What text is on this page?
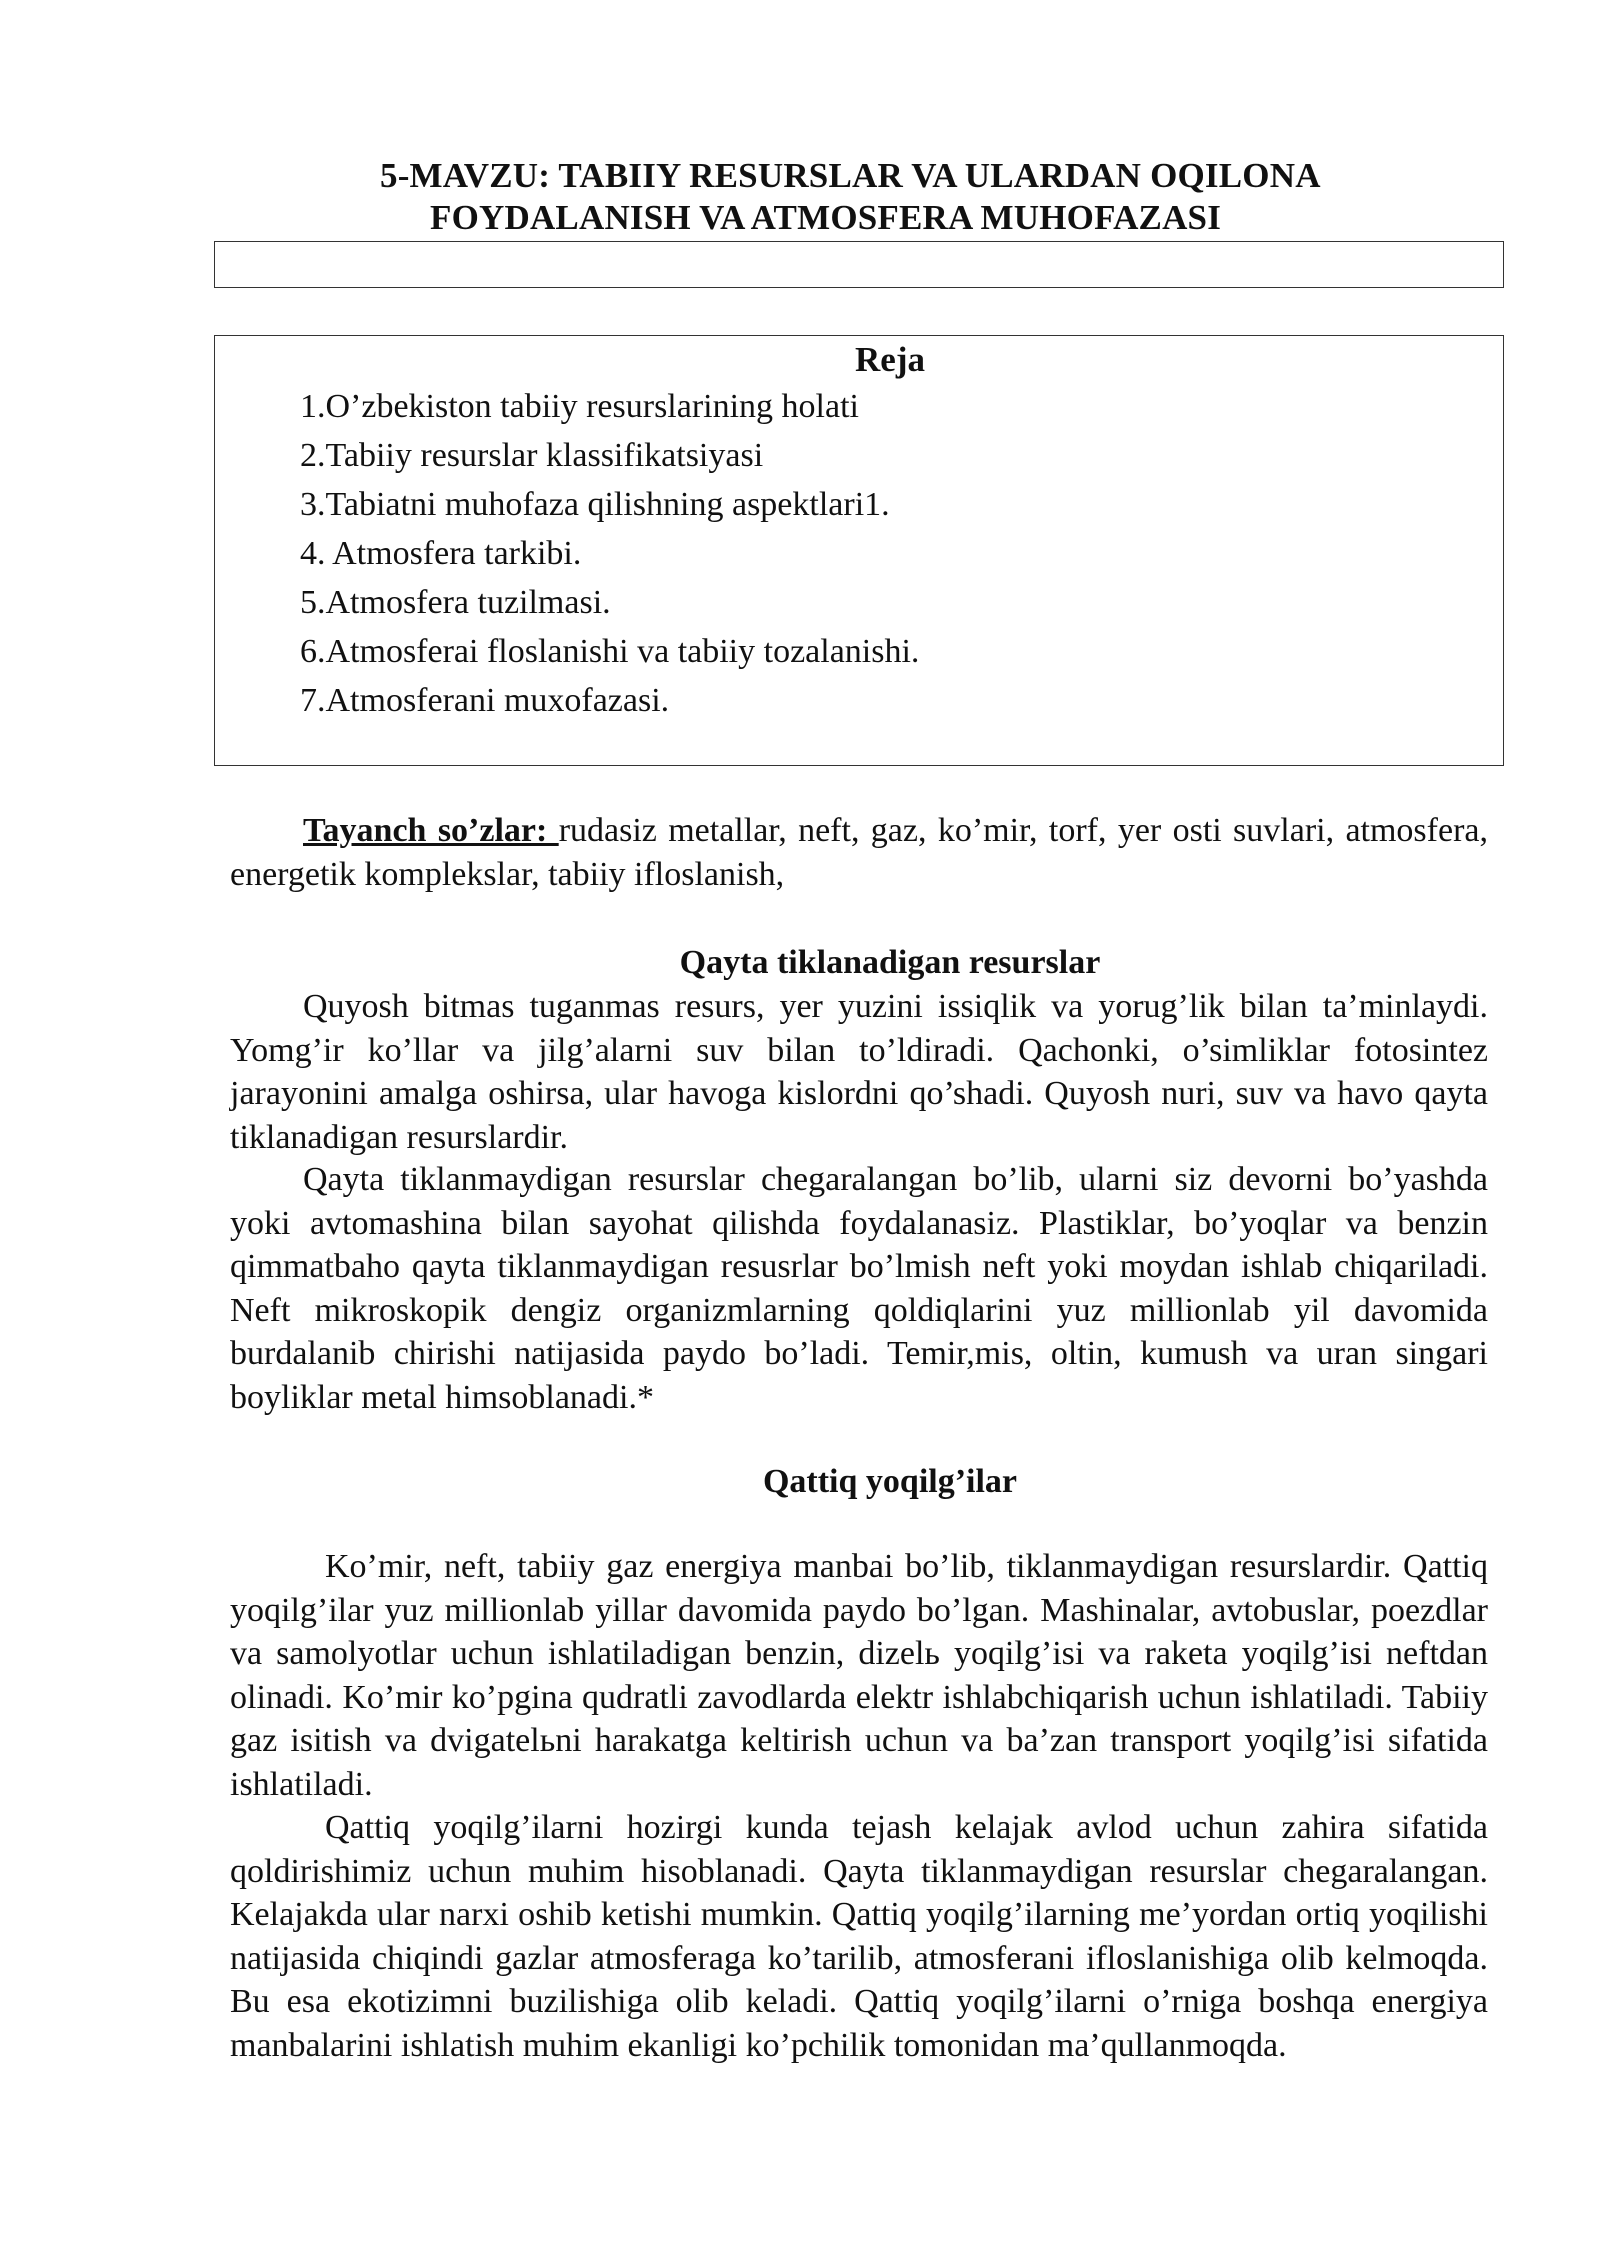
5-MAVZU: TABIIY RESURSLAR VA ULARDAN OQILONA
FOYDALANISH VA ATMOSFERA MUHOFAZASI
Reja
1.O’zbekiston tabiiy resurslarining holati
2.Tabiiy resurslar klassifikatsiyasi
3.Tabiatni muhofaza qilishning aspektlari1.
4. Atmosfera tarkibi.
5.Atmosfera tuzilmasi.
6.Atmosferai floslanishi va tabiiy tozalanishi.
7.Atmosferani muxofazasi.

Tayanch so’zlar: rudasiz metallar, neft, gaz, ko’mir, torf, yer osti suvlari, atmosfera, energetik komplekslar, tabiiy ifloslanish,

Qayta tiklanadigan resurslar

Quyosh bitmas tuganmas resurs, yer yuzini issiqlik va yorug’lik bilan ta’minlaydi. Yomg’ir ko’llar va jilg’alarni suv bilan to’ldiradi. Qachonki, o’simliklar fotosintez jarayonini amalga oshirsa, ular havoga kislordni qo’shadi. Quyosh nuri, suv va havo qayta tiklanadigan resurslardir.

Qayta tiklanmaydigan resurslar chegaralangan bo’lib, ularni siz devorni bo’yashda yoki avtomashina bilan sayohat qilishda foydalanasiz. Plastiklar, bo’yoqlar va benzin qimmatbaho qayta tiklanmaydigan resusrlar bo’lmish neft yoki moydan ishlab chiqariladi. Neft mikroskopik dengiz organizmlarning qoldiqlarini yuz millionlab yil davomida burdalanib chirishi natijasida paydo bo’ladi. Temir,mis, oltin, kumush va uran singari boyliklar metal himsoblanadi.*

Qattiq yoqilg’ilar

Ko’mir, neft, tabiiy gaz energiya manbai bo’lib, tiklanmaydigan resurslardir. Qattiq yoqilg’ilar yuz millionlab yillar davomida paydo bo’lgan. Mashinalar, avtobuslar, poezdlar va samolyotlar uchun ishlatiladigan benzin, dizelь yoqilg’isi va raketa yoqilg’isi neftdan olinadi. Ko’mir ko’pgina qudratli zavodlarda elektr ishlabchiqarish uchun ishlatiladi. Tabiiy gaz isitish va dvigatelьni harakatga keltirish uchun va ba’zan transport yoqilg’isi sifatida ishlatiladi.

Qattiq yoqilg’ilarni hozirgi kunda tejash kelajak avlod uchun zahira sifatida qoldirishimiz uchun muhim hisoblanadi. Qayta tiklanmaydigan resurslar chegaralangan. Kelajakda ular narxi oshib ketishi mumkin. Qattiq yoqilg’ilarning me’yordan ortiq yoqilishi natijasida chiqindi gazlar atmosferaga ko’tarilib, atmosferani ifloslanishiga olib kelmoqda. Bu esa ekotizimni buzilishiga olib keladi. Qattiq yoqilg’ilarni o’rniga boshqa energiya manbalarini ishlatish muhim ekanligi ko’pchilik tomonidan ma’qullanmoqda.
